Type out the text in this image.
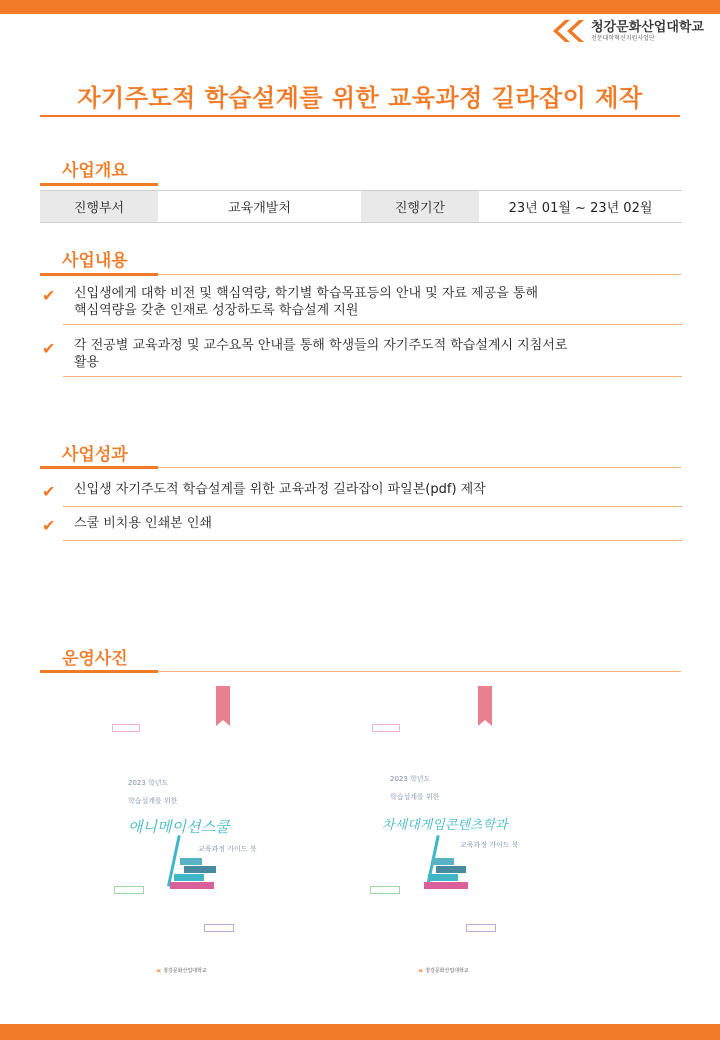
청강문화산업대학교
전문대학혁신지원사업단
자기주도적 학습설계를 위한 교육과정 길라잡이 제작
사업개요
진행부서	교육개발처	진행기간	23년 01월 ~ 23년 02월
사업내용
✔ 신입생에게 대학 비전 및 핵심역량, 학기별 학습목표등의 안내 및 자료 제공을 통해
핵심역량을 갖춘 인재로 성장하도록 학습설계 지원
✔ 각 전공별 교육과정 및 교수요목 안내를 통해 학생들의 자기주도적 학습설계시 지침서로
활용
사업성과
✔ 신입생 자기주도적 학습설계를 위한 교육과정 길라잡이 파일본(pdf) 제작
✔ 스쿨 비치용 인쇄본 인쇄
운영사진
2023 학년도
학습설계를 위한
애니메이션스쿨
교육과정 가이드 북
« 청강문화산업대학교
2023 학년도
학습설계를 위한
차세대게임콘텐츠학과
교육과정 가이드 북
« 청강문화산업대학교
